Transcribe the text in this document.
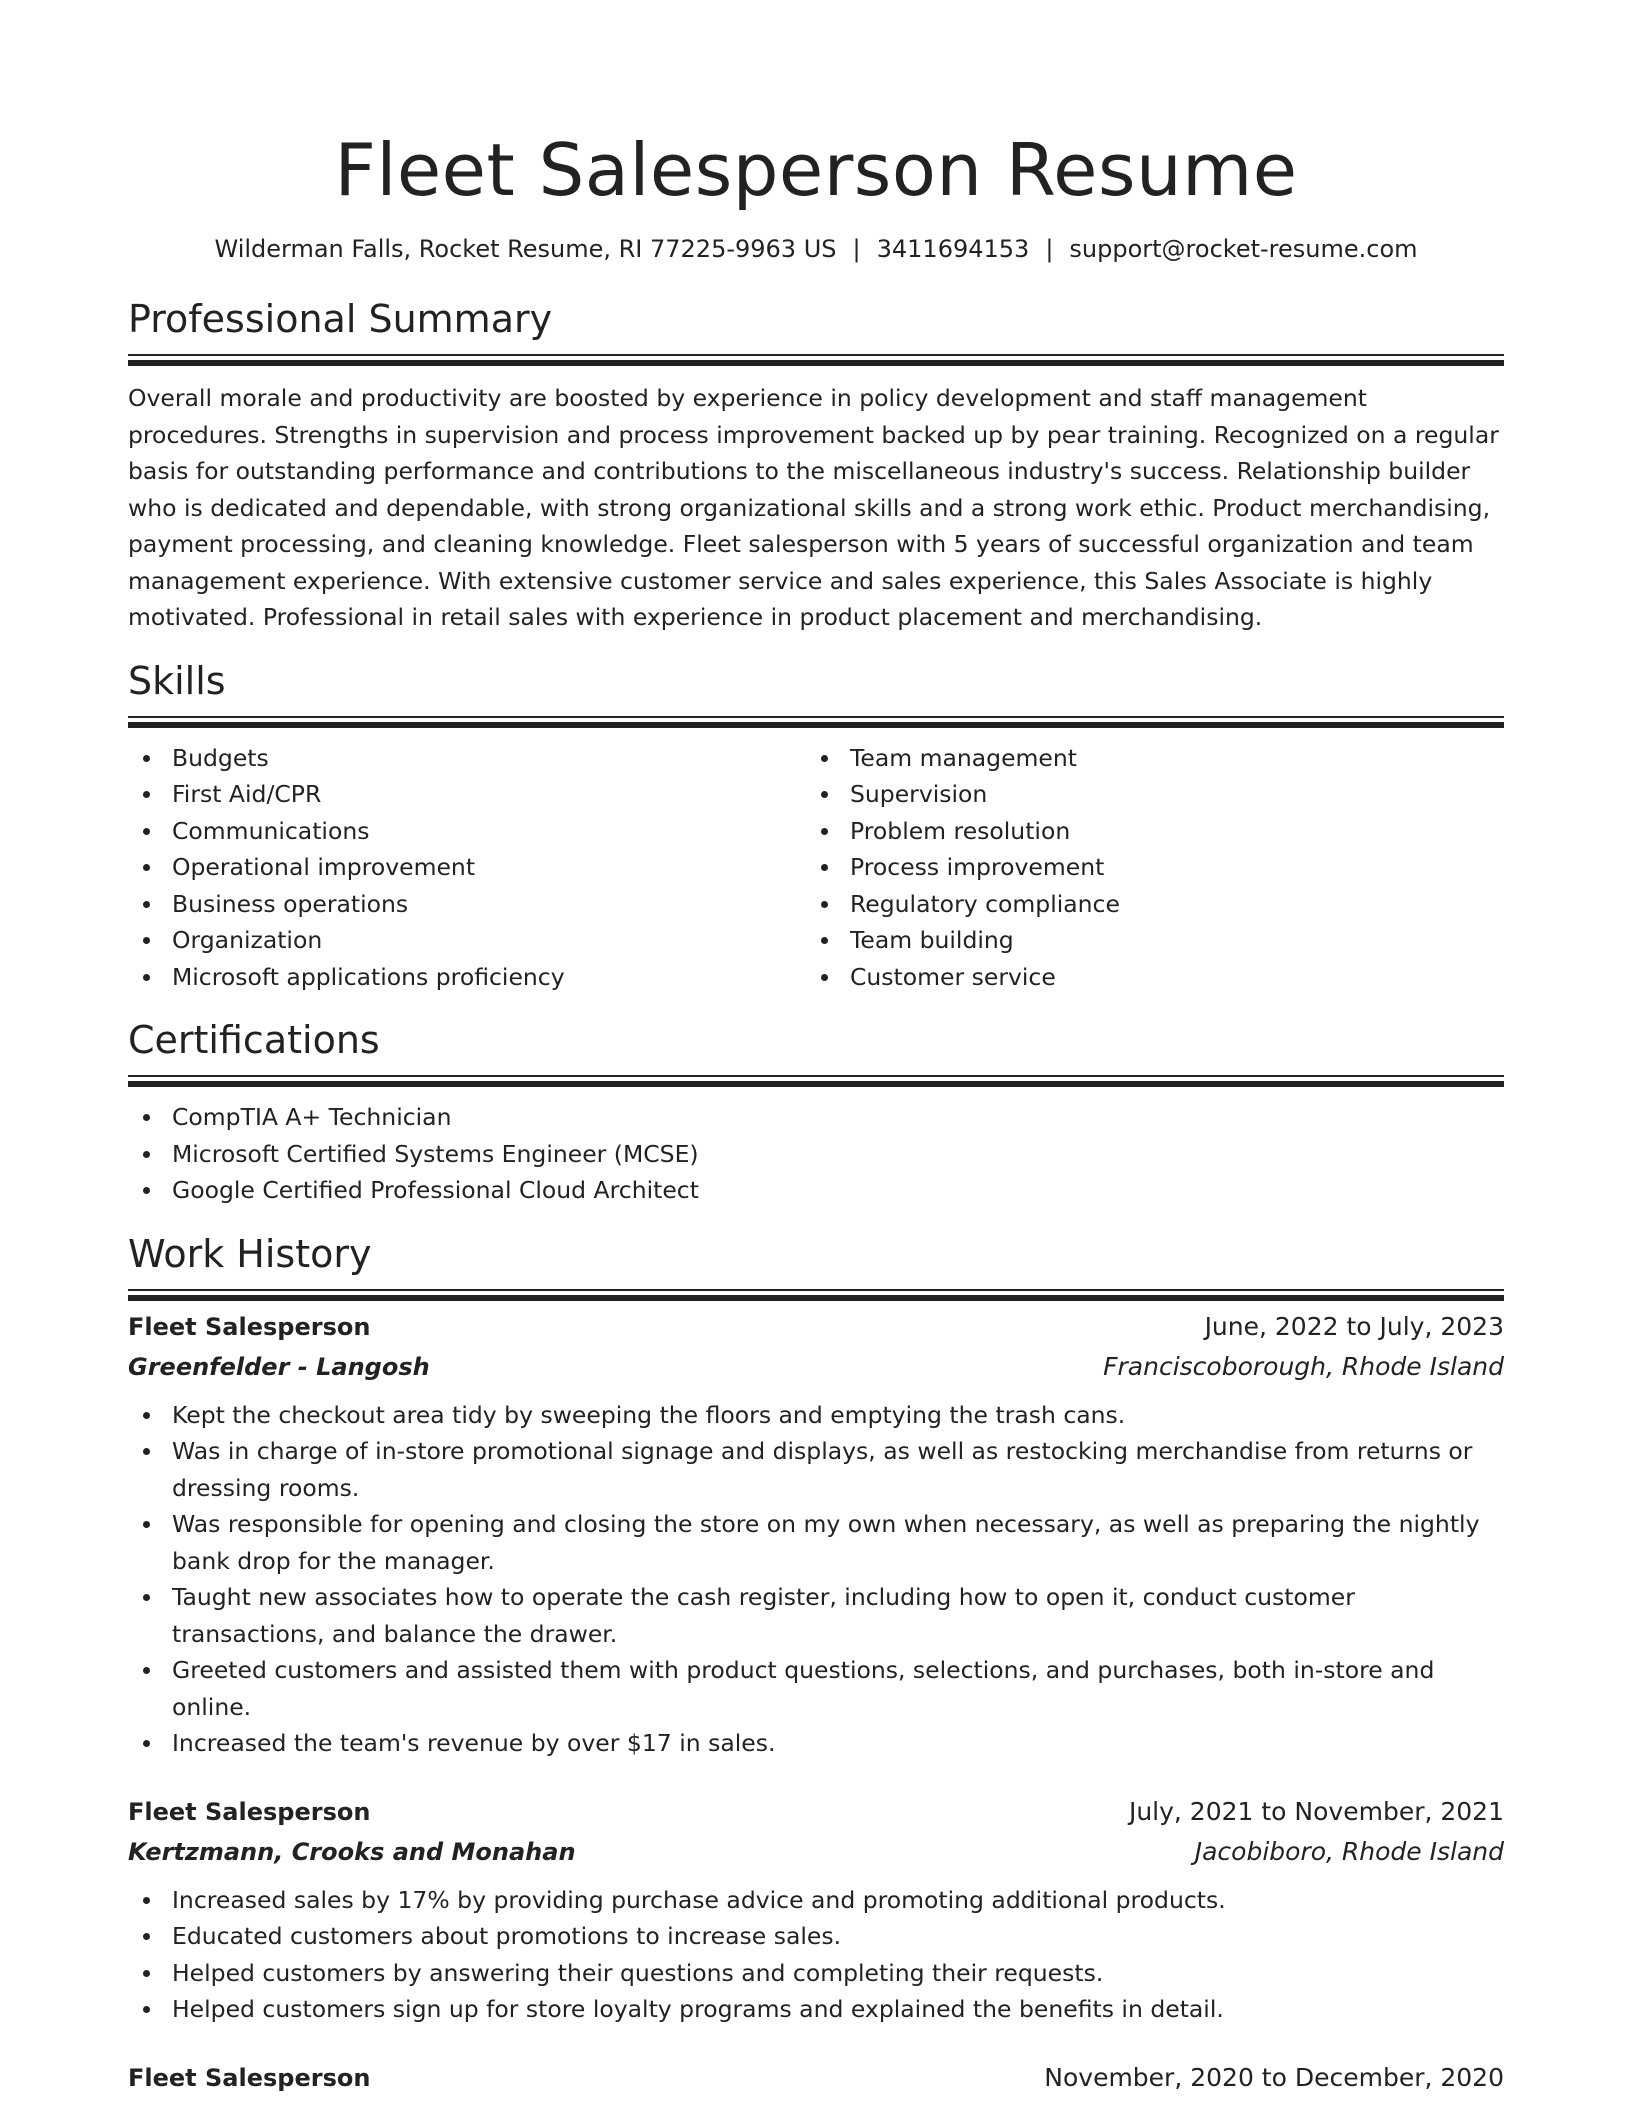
Fleet Salesperson Resume
Wilderman Falls, Rocket Resume, RI 77225-9963 US | 3411694153 | support@rocket-resume.com
Professional Summary

Overall morale and productivity are boosted by experience in policy development and staff management procedures. Strengths in supervision and process improvement backed up by pear training. Recognized on a regular basis for outstanding performance and contributions to the miscellaneous industry's success. Relationship builder who is dedicated and dependable, with strong organizational skills and a strong work ethic. Product merchandising, payment processing, and cleaning knowledge. Fleet salesperson with 5 years of successful organization and team management experience. With extensive customer service and sales experience, this Sales Associate is highly motivated. Professional in retail sales with experience in product placement and merchandising.

Skills
Budgets
First Aid/CPR
Communications
Operational improvement
Business operations
Organization
Microsoft applications proficiency
Team management
Supervision
Problem resolution
Process improvement
Regulatory compliance
Team building
Customer service
Certifications
CompTIA A+ Technician
Microsoft Certified Systems Engineer (MCSE)
Google Certified Professional Cloud Architect
Work History
Fleet Salesperson	June, 2022 to July, 2023
Greenfelder - Langosh	Franciscoborough, Rhode Island
Kept the checkout area tidy by sweeping the floors and emptying the trash cans.
Was in charge of in-store promotional signage and displays, as well as restocking merchandise from returns or dressing rooms.
Was responsible for opening and closing the store on my own when necessary, as well as preparing the nightly bank drop for the manager.
Taught new associates how to operate the cash register, including how to open it, conduct customer transactions, and balance the drawer.
Greeted customers and assisted them with product questions, selections, and purchases, both in-store and online.
Increased the team's revenue by over $17 in sales.
Fleet Salesperson	July, 2021 to November, 2021
Kertzmann, Crooks and Monahan	Jacobiboro, Rhode Island
Increased sales by 17% by providing purchase advice and promoting additional products.
Educated customers about promotions to increase sales.
Helped customers by answering their questions and completing their requests.
Helped customers sign up for store loyalty programs and explained the benefits in detail.
Fleet Salesperson	November, 2020 to December, 2020
